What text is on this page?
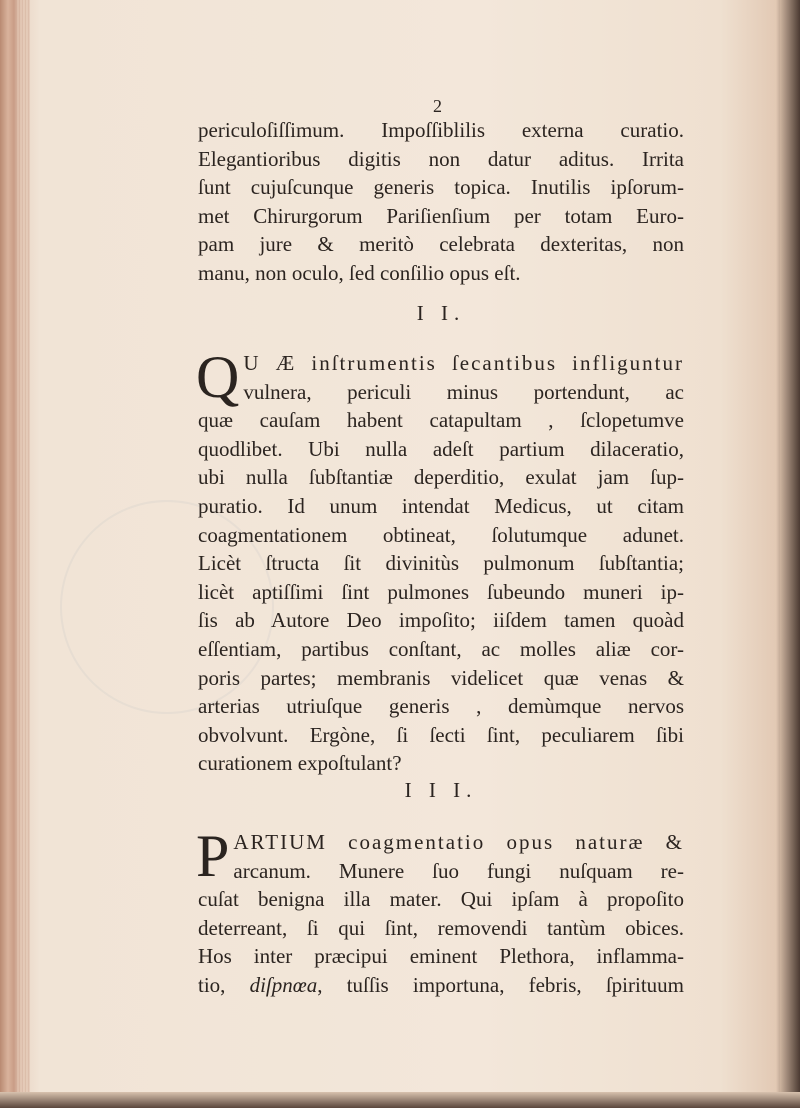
2
periculoſiſſimum. Impoſſiblilis externa curatio.
Elegantioribus digitis non datur aditus. Irrita
ſunt cujuſcunque generis topica. Inutilis ipſorum-
met Chirurgorum Pariſienſium per totam Euro-
pam jure & meritò celebrata dexteritas, non
manu, non oculo, ſed conſilio opus eſt.
I I.
Q U Æ inſtrumentis ſecantibus infliguntur
vulnera, periculi minus portendunt, ac
quæ cauſam habent catapultam , ſclopetumve
quodlibet. Ubi nulla adeſt partium dilaceratio,
ubi nulla ſubſtantiæ deperditio, exulat jam ſup-
puratio. Id unum intendat Medicus, ut citam
coagmentationem obtineat, ſolutumque adunet.
Licèt ſtructa ſit divinitùs pulmonum ſubſtantia;
licèt aptiſſimi ſint pulmones ſubeundo muneri ip-
ſis ab Autore Deo impoſito; iiſdem tamen quoàd
eſſentiam, partibus conſtant, ac molles aliæ cor-
poris partes; membranis videlicet quæ venas &
arterias utriuſque generis , demùmque nervos
obvolvunt. Ergòne, ſi ſecti ſint, peculiarem ſibi
curationem expoſtulant?
I I I.
P ARTIUM coagmentatio opus naturæ &
arcanum. Munere ſuo fungi nuſquam re-
cuſat benigna illa mater. Qui ipſam à propoſito
deterreant, ſi qui ſint, removendi tantùm obices.
Hos inter præcipui eminent Plethora, inflamma-
tio, diſpnœa, tuſſis importuna, febris, ſpirituum
